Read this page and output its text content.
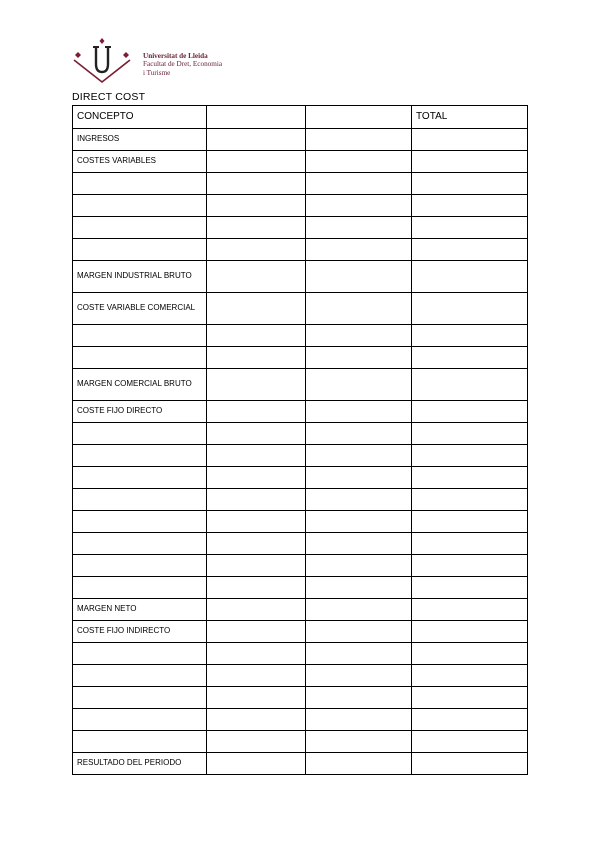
Universitat de Lleida
Facultat de Dret, Economia
i Turisme
DIRECT COST
CONCEPTO			TOTAL
INGRESOS			
COSTES VARIABLES			

MARGEN INDUSTRIAL BRUTO			
COSTE VARIABLE COMERCIAL			

MARGEN COMERCIAL BRUTO			
COSTE FIJO DIRECTO			

MARGEN NETO			
COSTE FIJO INDIRECTO			

RESULTADO DEL PERIODO			
